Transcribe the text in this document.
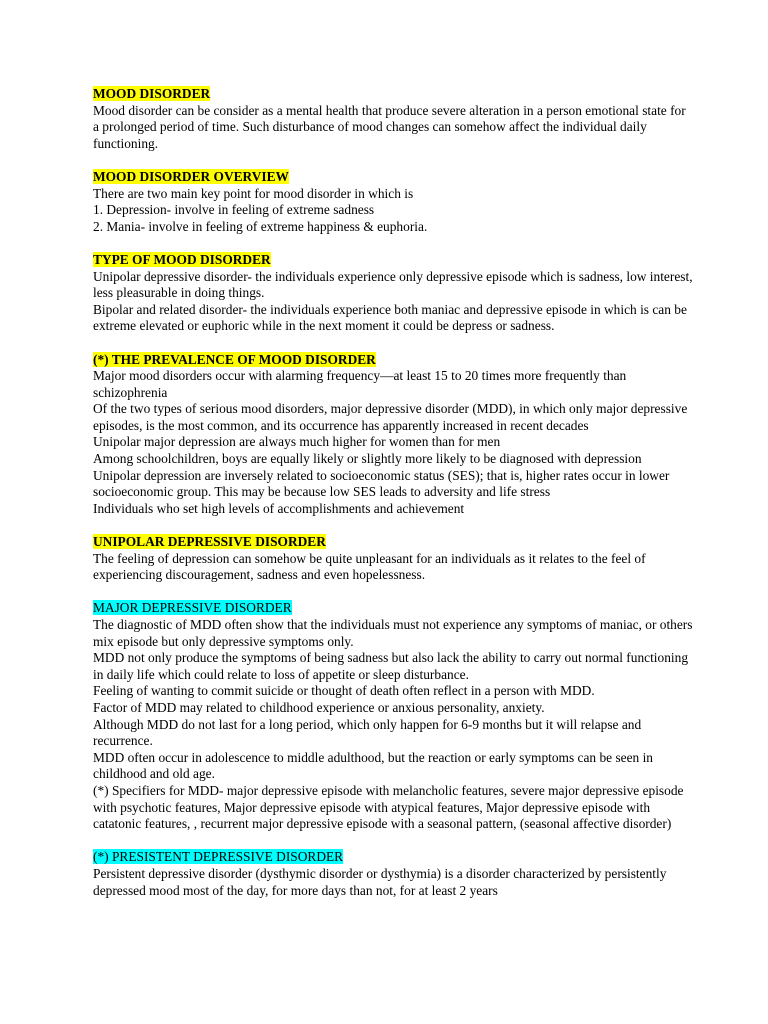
MOOD DISORDER

Mood disorder can be consider as a mental health that produce severe alteration in a person emotional state for a prolonged period of time. Such disturbance of mood changes can somehow affect the individual daily functioning.

MOOD DISORDER OVERVIEW

There are two main key point for mood disorder in which is

1. Depression- involve in feeling of extreme sadness

2. Mania- involve in feeling of extreme happiness & euphoria.

TYPE OF MOOD DISORDER

Unipolar depressive disorder- the individuals experience only depressive episode which is sadness, low interest, less pleasurable in doing things.

Bipolar and related disorder- the individuals experience both maniac and depressive episode in which is can be extreme elevated or euphoric while in the next moment it could be depress or sadness.

(*) THE PREVALENCE OF MOOD DISORDER

Major mood disorders occur with alarming frequency—at least 15 to 20 times more frequently than schizophrenia

Of the two types of serious mood disorders, major depressive disorder (MDD), in which only major depressive episodes, is the most common, and its occurrence has apparently increased in recent decades

Unipolar major depression are always much higher for women than for men

Among schoolchildren, boys are equally likely or slightly more likely to be diagnosed with depression

Unipolar depression are inversely related to socioeconomic status (SES); that is, higher rates occur in lower socioeconomic group. This may be because low SES leads to adversity and life stress

Individuals who set high levels of accomplishments and achievement

UNIPOLAR DEPRESSIVE DISORDER

The feeling of depression can somehow be quite unpleasant for an individuals as it relates to the feel of experiencing discouragement, sadness and even hopelessness.

MAJOR DEPRESSIVE DISORDER

The diagnostic of MDD often show that the individuals must not experience any symptoms of maniac, or others mix episode but only depressive symptoms only.

MDD not only produce the symptoms of being sadness but also lack the ability to carry out normal functioning in daily life which could relate to loss of appetite or sleep disturbance.

Feeling of wanting to commit suicide or thought of death often reflect in a person with MDD.

Factor of MDD may related to childhood experience or anxious personality, anxiety.

Although MDD do not last for a long period, which only happen for 6-9 months but it will relapse and recurrence.

MDD often occur in adolescence to middle adulthood, but the reaction or early symptoms can be seen in childhood and old age.

(*) Specifiers for MDD- major depressive episode with melancholic features, severe major depressive episode with psychotic features, Major depressive episode with atypical features, Major depressive episode with catatonic features, , recurrent major depressive episode with a seasonal pattern, (seasonal affective disorder)

(*) PRESISTENT DEPRESSIVE DISORDER

Persistent depressive disorder (dysthymic disorder or dysthymia) is a disorder characterized by persistently depressed mood most of the day, for more days than not, for at least 2 years
